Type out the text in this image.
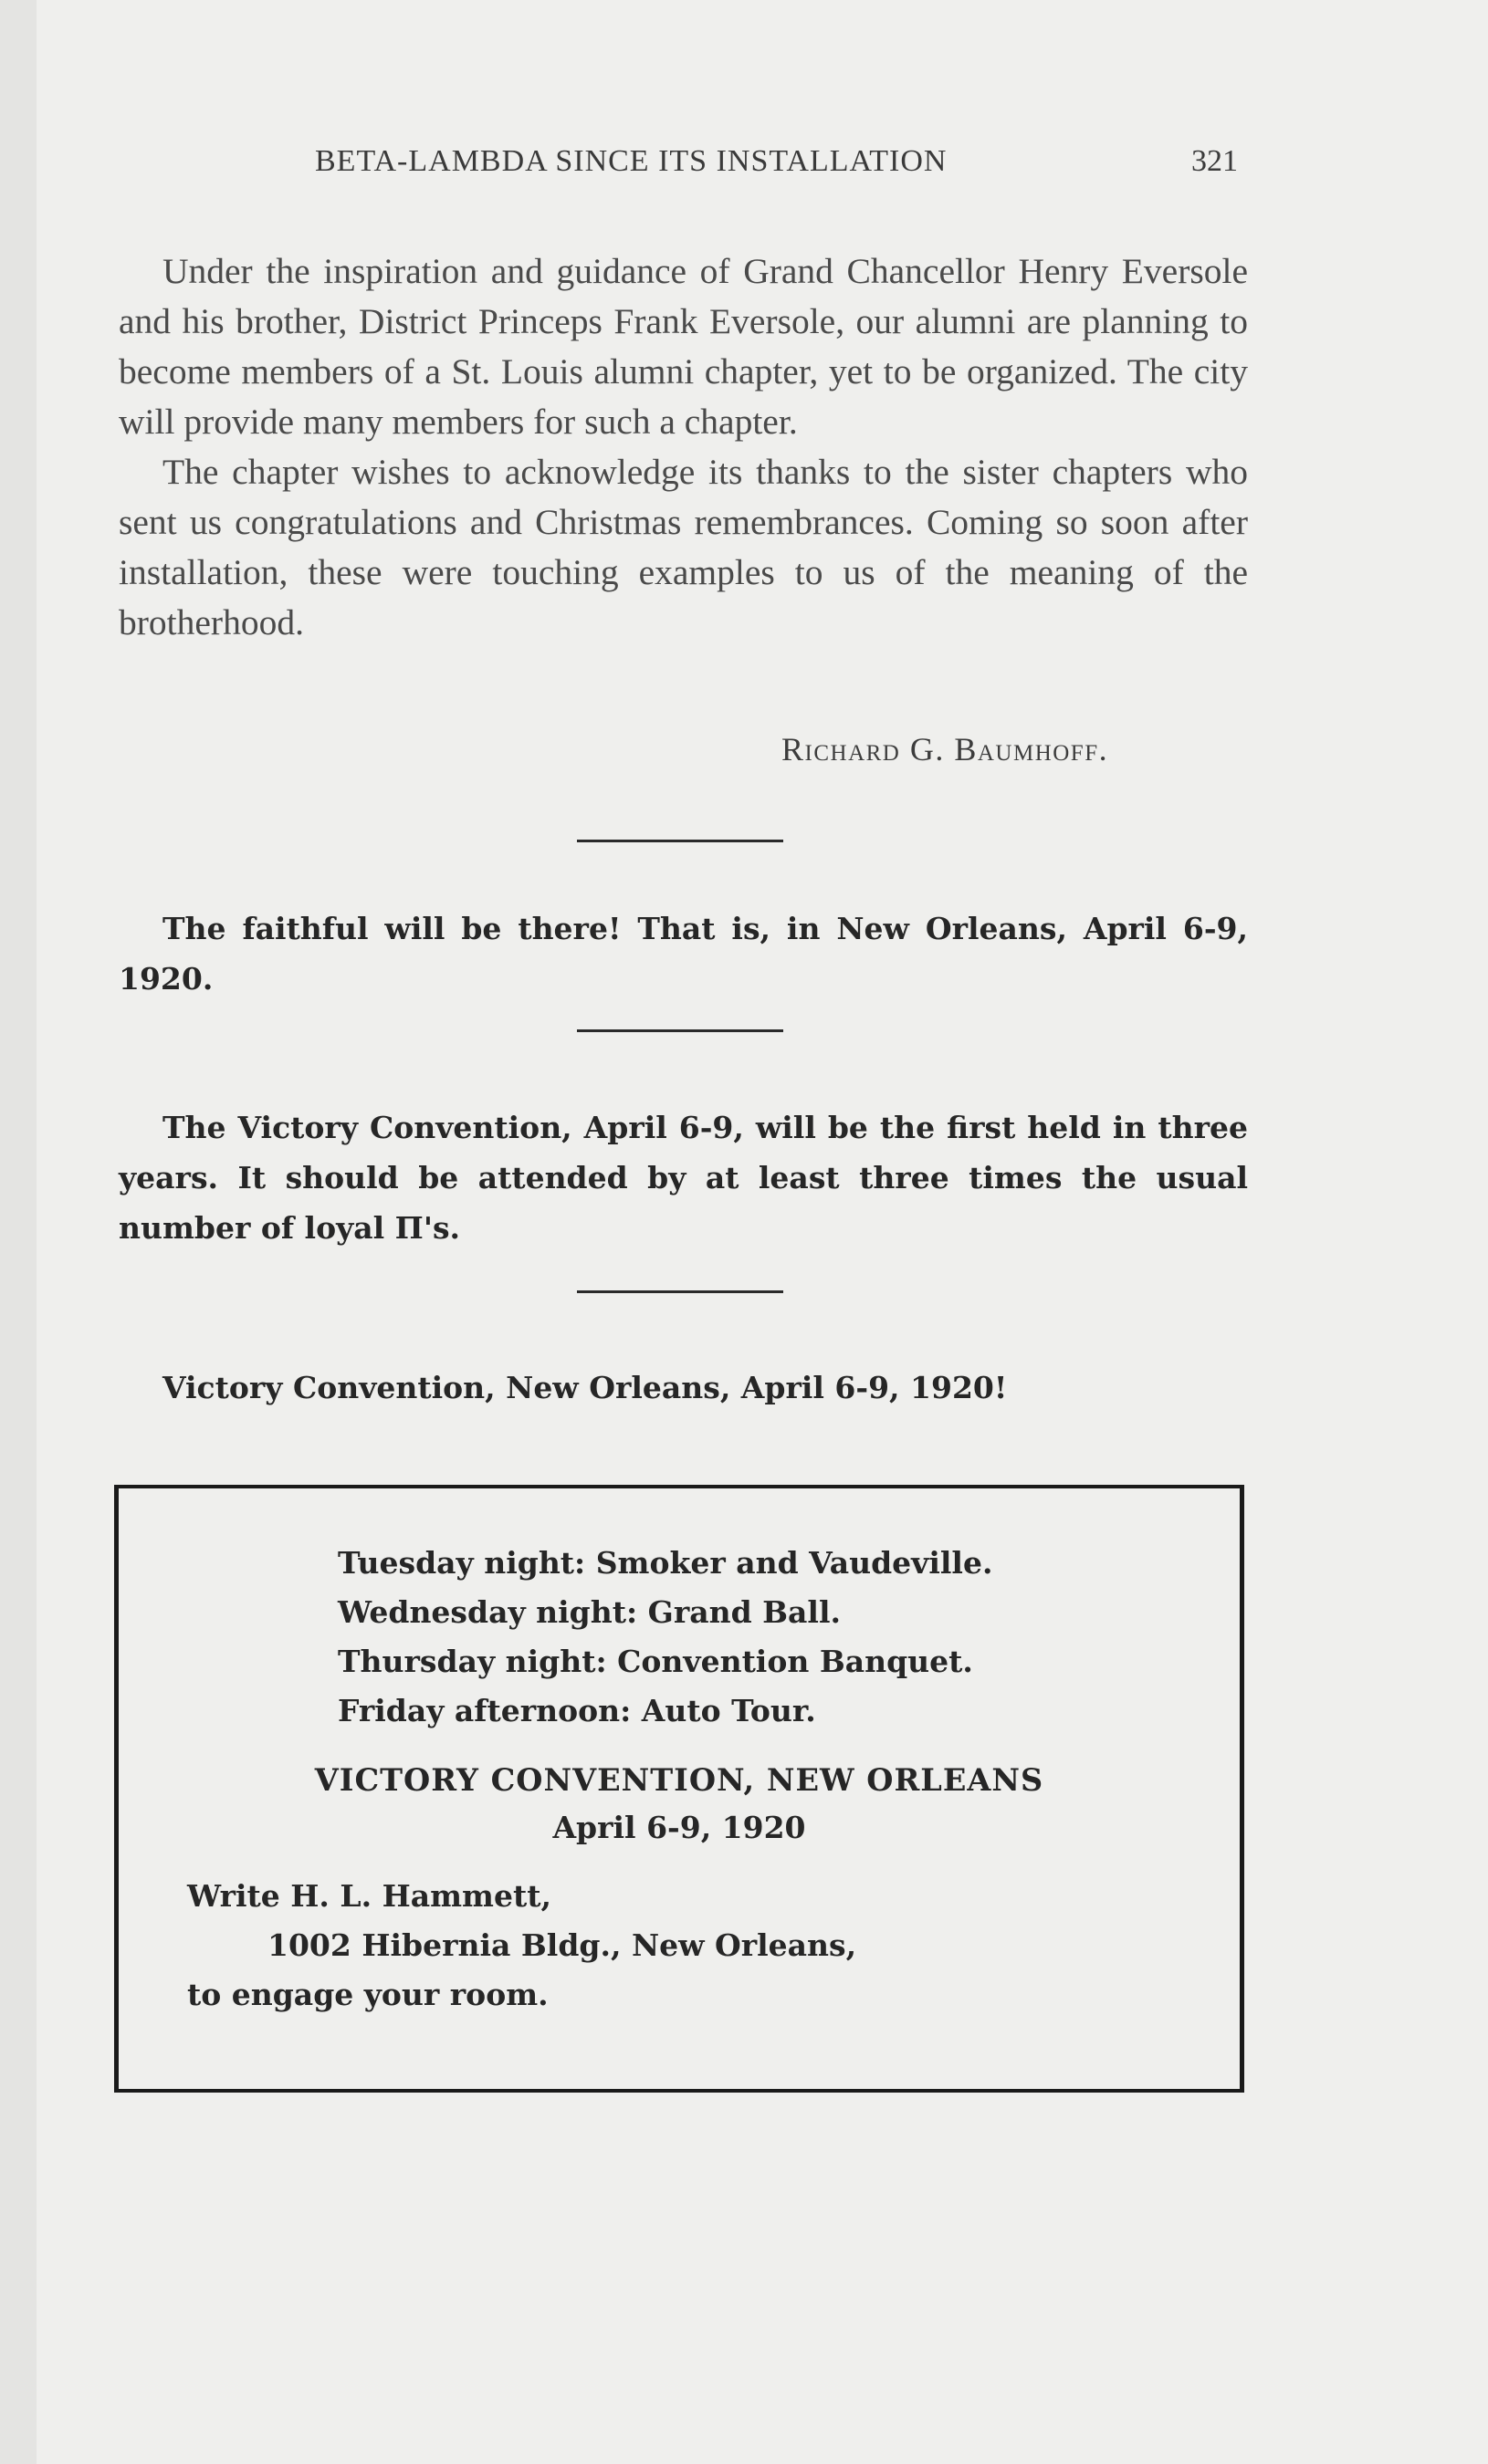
BETA-LAMBDA SINCE ITS INSTALLATION	321

Under the inspiration and guidance of Grand Chancellor Henry Eversole and his brother, District Princeps Frank Eversole, our alumni are planning to become members of a St. Louis alumni chapter, yet to be organized. The city will provide many members for such a chapter.

The chapter wishes to acknowledge its thanks to the sister chapters who sent us congratulations and Christmas remembrances. Coming so soon after installation, these were touching examples to us of the meaning of the brotherhood.

Richard G. Baumhoff.

The faithful will be there! That is, in New Orleans, April 6-9, 1920.

The Victory Convention, April 6-9, will be the first held in three years. It should be attended by at least three times the usual number of loyal Π's.

Victory Convention, New Orleans, April 6-9, 1920!

Tuesday night: Smoker and Vaudeville.
Wednesday night: Grand Ball.
Thursday night: Convention Banquet.
Friday afternoon: Auto Tour.
VICTORY CONVENTION, NEW ORLEANS
April 6-9, 1920
Write H. L. Hammett,
1002 Hibernia Bldg., New Orleans,
to engage your room.
